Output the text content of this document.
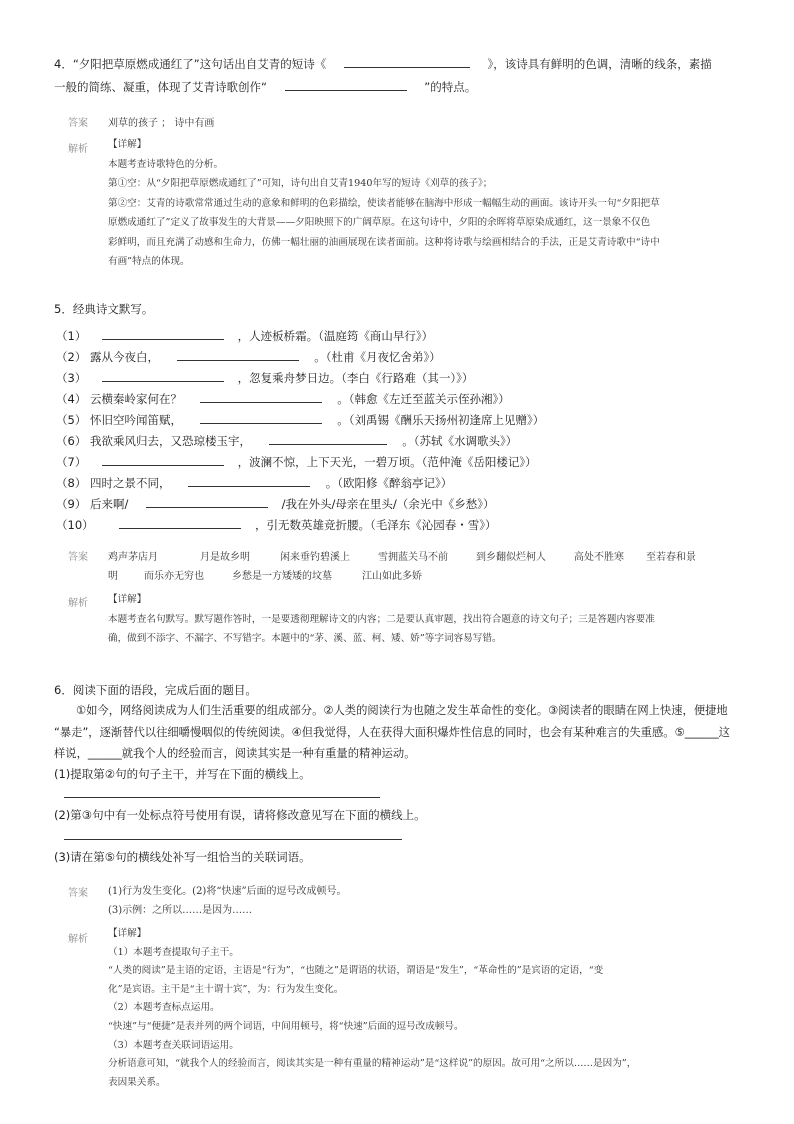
4．“夕阳把草原燃成通红了”这句话出自艾青的短诗《	》，该诗具有鲜明的色调，清晰的线条，素描
一般的简练、凝重，体现了艾青诗歌创作“	”的特点。
答案 刈草的孩子 ； 诗中有画
解析 【详解】
本题考查诗歌特色的分析。
第①空：从“夕阳把草原燃成通红了”可知，诗句出自艾青1940年写的短诗《刈草的孩子》；
第②空：艾青的诗歌常常通过生动的意象和鲜明的色彩描绘，使读者能够在脑海中形成一幅幅生动的画面。该诗开头一句“夕阳把草
原燃成通红了”定义了故事发生的大背景——夕阳映照下的广阔草原。在这句诗中，夕阳的余晖将草原染成通红，这一景象不仅色
彩鲜明，而且充满了动感和生命力，仿佛一幅壮丽的油画展现在读者面前。这种将诗歌与绘画相结合的手法，正是艾青诗歌中“诗中
有画”特点的体现。
5．经典诗文默写。
（1）	，人迹板桥霜。（温庭筠《商山早行》）
（2） 露从今夜白，	。（杜甫《月夜忆舍弟》）
（3）	，忽复乘舟梦日边。（李白《行路难（其一）》）
（4） 云横秦岭家何在？	。（韩愈《左迁至蓝关示侄孙湘》）
（5） 怀旧空吟闻笛赋，	。（刘禹锡《酬乐天扬州初逢席上见赠》）
（6） 我欲乘风归去，又恐琼楼玉宇，	。（苏轼《水调歌头》）
（7）	，波澜不惊，上下天光，一碧万顷。（范仲淹《岳阳楼记》）
（8） 四时之景不同，	。（欧阳修《醉翁亭记》）
（9） 后来啊/	/我在外头/母亲在里头/（余光中《乡愁》）
（10）	，引无数英雄竞折腰。（毛泽东《沁园春・雪》）
答案 鸡声茅店月	月是故乡明	闲来垂钓碧溪上	雪拥蓝关马不前	到乡翻似烂柯人	高处不胜寒 至若春和景
明	而乐亦无穷也	乡愁是一方矮矮的坟墓	江山如此多娇
解析 【详解】
本题考查名句默写。默写题作答时，一是要透彻理解诗文的内容；二是要认真审题，找出符合题意的诗文句子；三是答题内容要准
确，做到不添字、不漏字、不写错字。本题中的“茅、溪、蓝、柯、矮、娇”等字词容易写错。
6．阅读下面的语段，完成后面的题目。
①如今，网络阅读成为人们生活重要的组成部分。②人类的阅读行为也随之发生革命性的变化。③阅读者的眼睛在网上快速，便捷地
“暴走”，逐渐替代以往细嚼慢咽似的传统阅读。④但我觉得，人在获得大面积爆炸性信息的同时，也会有某种难言的失重感。⑤______这
样说，______就我个人的经验而言，阅读其实是一种有重量的精神运动。
(1)提取第②句的句子主干，并写在下面的横线上。
(2)第③句中有一处标点符号使用有误，请将修改意见写在下面的横线上。
(3)请在第⑤句的横线处补写一组恰当的关联词语。
答案 (1)行为发生变化。(2)将“快速”后面的逗号改成顿号。
(3)示例：之所以……是因为……
解析
【详解】
（1）本题考查提取句子主干。
“人类的阅读”是主语的定语，主语是“行为”，“也随之”是谓语的状语，谓语是“发生”，“革命性的”是宾语的定语，“变
化”是宾语。主干是“主十谓十宾”，为：行为发生变化。
（2）本题考查标点运用。
“快速”与“便捷”是表并列的两个词语，中间用顿号，将“快速”后面的逗号改成顿号。
（3）本题考查关联词语运用。
分析语意可知，“就我个人的经验而言，阅读其实是一种有重量的精神运动”是“这样说”的原因。故可用“之所以……是因为”，
表因果关系。
